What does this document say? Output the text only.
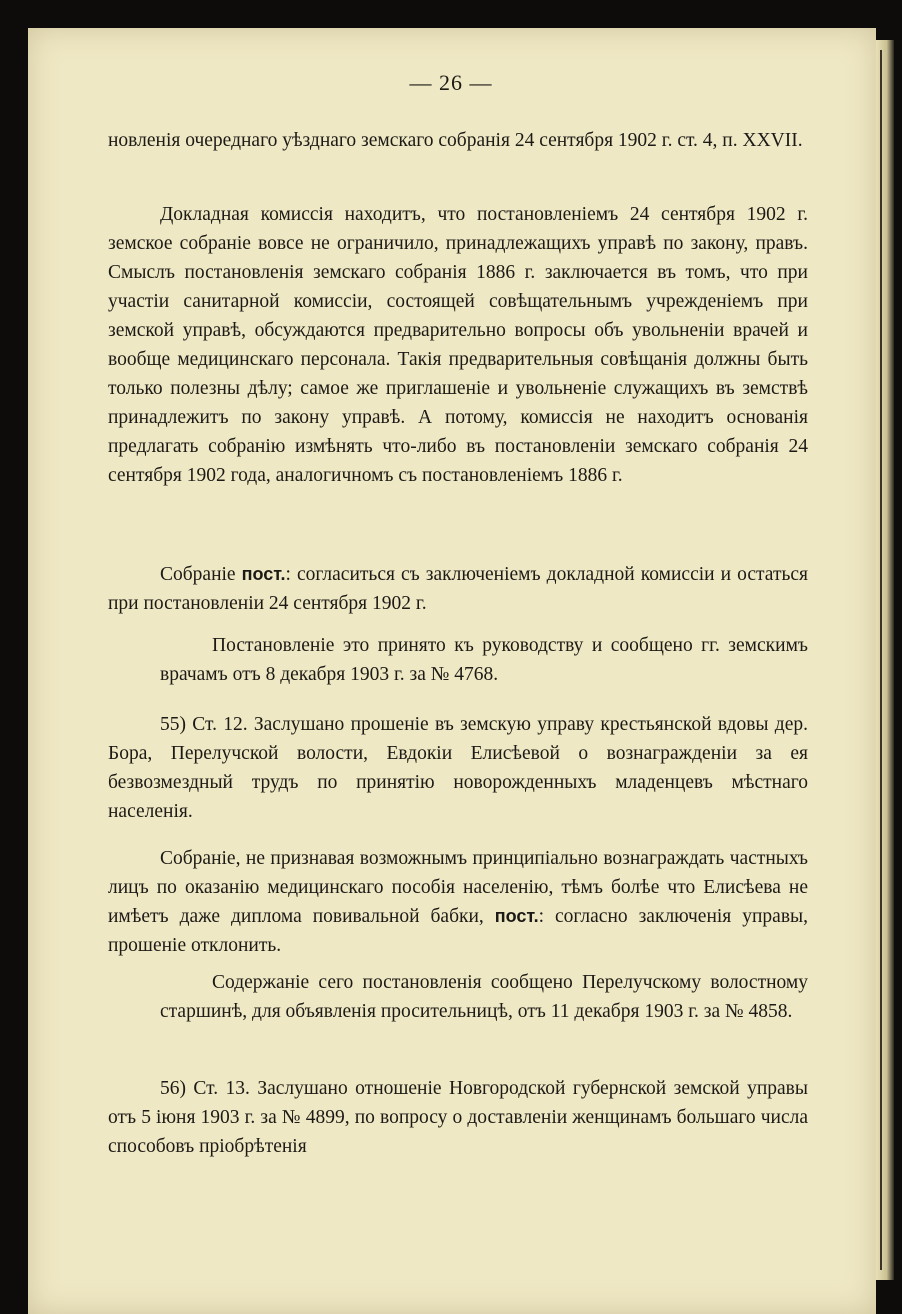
— 26 —

новленія очереднаго уѣзднаго земскаго собранія 24 сентября 1902 г. ст. 4, п. XXVII.

Докладная комиссія находитъ, что постановленіемъ 24 сентября 1902 г. земское собраніе вовсе не ограничило, принадлежащихъ управѣ по закону, правъ. Смыслъ постановленія земскаго собранія 1886 г. заключается въ томъ, что при участіи санитарной комиссіи, состоящей совѣщательнымъ учрежденіемъ при земской управѣ, обсуждаются предварительно вопросы объ увольненіи врачей и вообще медицинскаго персонала. Такія предварительныя совѣщанія должны быть только полезны дѣлу; самое же приглашеніе и увольненіе служащихъ въ земствѣ принадлежитъ по закону управѣ. А потому, комиссія не находитъ основанія предлагать собранію измѣнять что-либо въ постановленіи земскаго собранія 24 сентября 1902 года, аналогичномъ съ постановленіемъ 1886 г.

Собраніе пост.: согласиться съ заключеніемъ докладной комиссіи и остаться при постановленіи 24 сентября 1902 г.

Постановленіе это принято къ руководству и сообщено гг. земскимъ врачамъ отъ 8 декабря 1903 г. за № 4768.

55) Ст. 12. Заслушано прошеніе въ земскую управу крестьянской вдовы дер. Бора, Перелучской волости, Евдокіи Елисѣевой о вознагражденіи за ея безвозмездный трудъ по принятію новорожденныхъ младенцевъ мѣстнаго населенія.

Собраніе, не признавая возможнымъ принципіально вознаграждать частныхъ лицъ по оказанію медицинскаго пособія населенію, тѣмъ болѣе что Елисѣева не имѣетъ даже диплома повивальной бабки, пост.: согласно заключенія управы, прошеніе отклонить.

Содержаніе сего постановленія сообщено Перелучскому волостному старшинѣ, для объявленія просительницѣ, отъ 11 декабря 1903 г. за № 4858.

56) Ст. 13. Заслушано отношеніе Новгородской губернской земской управы отъ 5 іюня 1903 г. за № 4899, по вопросу о доставленіи женщинамъ большаго числа способовъ пріобрѣтенія
